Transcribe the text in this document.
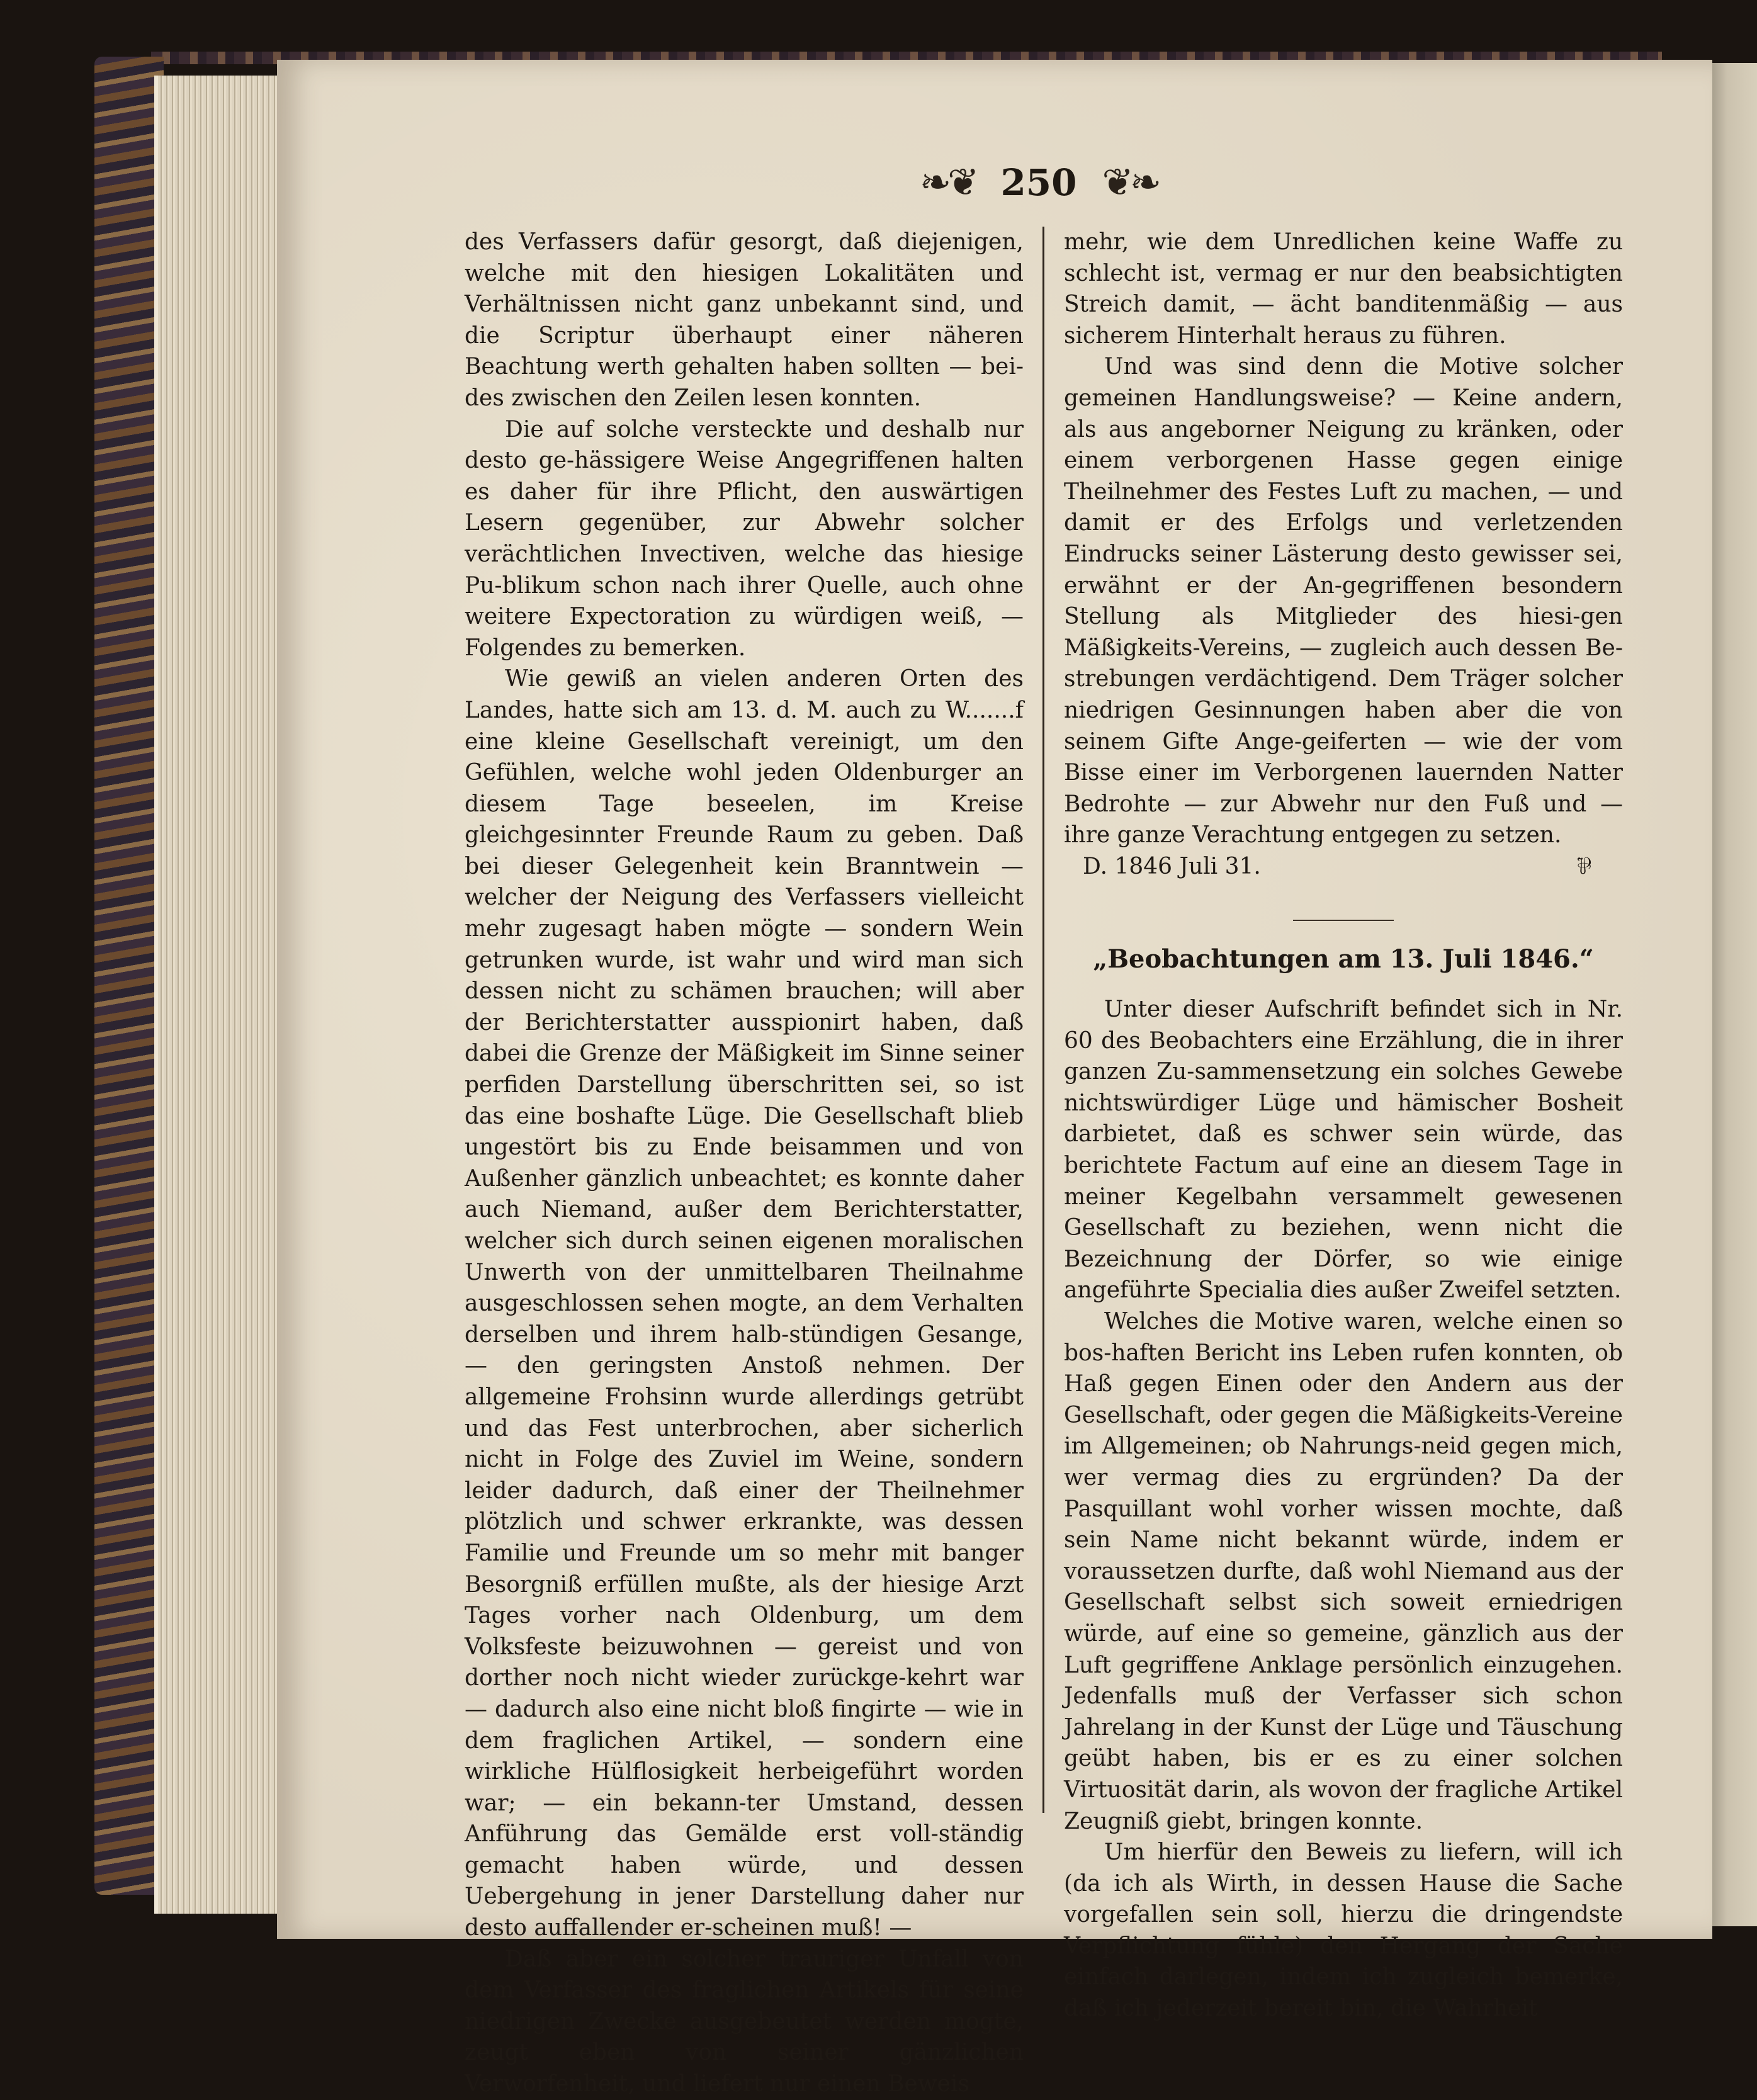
❧❦ 250 ❦❧

des Verfassers dafür gesorgt, daß diejenigen, welche mit den hiesigen Lokalitäten und Verhältnissen nicht ganz unbekannt sind, und die Scriptur überhaupt einer näheren Beachtung werth gehalten haben sollten — bei-des zwischen den Zeilen lesen konnten.

Die auf solche versteckte und deshalb nur desto ge-hässigere Weise Angegriffenen halten es daher für ihre Pflicht, den auswärtigen Lesern gegenüber, zur Abwehr solcher verächtlichen Invectiven, welche das hiesige Pu-blikum schon nach ihrer Quelle, auch ohne weitere Expectoration zu würdigen weiß, — Folgendes zu bemerken.

Wie gewiß an vielen anderen Orten des Landes, hatte sich am 13. d. M. auch zu W.......f eine kleine Gesellschaft vereinigt, um den Gefühlen, welche wohl jeden Oldenburger an diesem Tage beseelen, im Kreise gleichgesinnter Freunde Raum zu geben. Daß bei dieser Gelegenheit kein Branntwein — welcher der Neigung des Verfassers vielleicht mehr zugesagt haben mögte — sondern Wein getrunken wurde, ist wahr und wird man sich dessen nicht zu schämen brauchen; will aber der Berichterstatter ausspionirt haben, daß dabei die Grenze der Mäßigkeit im Sinne seiner perfiden Darstellung überschritten sei, so ist das eine boshafte Lüge. Die Gesellschaft blieb ungestört bis zu Ende beisammen und von Außenher gänzlich unbeachtet; es konnte daher auch Niemand, außer dem Berichterstatter, welcher sich durch seinen eigenen moralischen Unwerth von der unmittelbaren Theilnahme ausgeschlossen sehen mogte, an dem Verhalten derselben und ihrem halb-stündigen Gesange, — den geringsten Anstoß nehmen. Der allgemeine Frohsinn wurde allerdings getrübt und das Fest unterbrochen, aber sicherlich nicht in Folge des Zuviel im Weine, sondern leider dadurch, daß einer der Theilnehmer plötzlich und schwer erkrankte, was dessen Familie und Freunde um so mehr mit banger Besorgniß erfüllen mußte, als der hiesige Arzt Tages vorher nach Oldenburg, um dem Volksfeste beizuwohnen — gereist und von dorther noch nicht wieder zurückge-kehrt war — dadurch also eine nicht bloß fingirte — wie in dem fraglichen Artikel, — sondern eine wirkliche Hülflosigkeit herbeigeführt worden war; — ein bekann-ter Umstand, dessen Anführung das Gemälde erst voll-ständig gemacht haben würde, und dessen Uebergehung in jener Darstellung daher nur desto auffallender er-scheinen muß! —

Daß aber ein solcher trauriger Unfall von dem Verfasser des fraglichen Artikels für seine niedrigen Zwecke ausgebeutet werden mogte, zeugt eben von seiner gänzlichen Verworfenheit, und liefert nur einen Beweis

mehr, wie dem Unredlichen keine Waffe zu schlecht ist, vermag er nur den beabsichtigten Streich damit, — ächt banditenmäßig — aus sicherem Hinterhalt heraus zu führen.

Und was sind denn die Motive solcher gemeinen Handlungsweise? — Keine andern, als aus angeborner Neigung zu kränken, oder einem verborgenen Hasse gegen einige Theilnehmer des Festes Luft zu machen, — und damit er des Erfolgs und verletzenden Eindrucks seiner Lästerung desto gewisser sei, erwähnt er der An-gegriffenen besondern Stellung als Mitglieder des hiesi-gen Mäßigkeits-Vereins, — zugleich auch dessen Be-strebungen verdächtigend. Dem Träger solcher niedrigen Gesinnungen haben aber die von seinem Gifte Ange-geiferten — wie der vom Bisse einer im Verborgenen lauernden Natter Bedrohte — zur Abwehr nur den Fuß und — ihre ganze Verachtung entgegen zu setzen.

D. 1846 Juli 31.	⅌
„Beobachtungen am 13. Juli 1846.“

Unter dieser Aufschrift befindet sich in Nr. 60 des Beobachters eine Erzählung, die in ihrer ganzen Zu-sammensetzung ein solches Gewebe nichtswürdiger Lüge und hämischer Bosheit darbietet, daß es schwer sein würde, das berichtete Factum auf eine an diesem Tage in meiner Kegelbahn versammelt gewesenen Gesellschaft zu beziehen, wenn nicht die Bezeichnung der Dörfer, so wie einige angeführte Specialia dies außer Zweifel setzten.

Welches die Motive waren, welche einen so bos-haften Bericht ins Leben rufen konnten, ob Haß gegen Einen oder den Andern aus der Gesellschaft, oder gegen die Mäßigkeits-Vereine im Allgemeinen; ob Nahrungs-neid gegen mich, wer vermag dies zu ergründen? Da der Pasquillant wohl vorher wissen mochte, daß sein Name nicht bekannt würde, indem er voraussetzen durfte, daß wohl Niemand aus der Gesellschaft selbst sich soweit erniedrigen würde, auf eine so gemeine, gänzlich aus der Luft gegriffene Anklage persönlich einzugehen. Jedenfalls muß der Verfasser sich schon Jahrelang in der Kunst der Lüge und Täuschung geübt haben, bis er es zu einer solchen Virtuosität darin, als wovon der fragliche Artikel Zeugniß giebt, bringen konnte.

Um hierfür den Beweis zu liefern, will ich (da ich als Wirth, in dessen Hause die Sache vorgefallen sein soll, hierzu die dringendste Verpflichtung fühle) den Hergang der Sache einfach darlegen, indem ich zugleich bemerke, daß ich jederzeit bereit bin, die Wahrheit
